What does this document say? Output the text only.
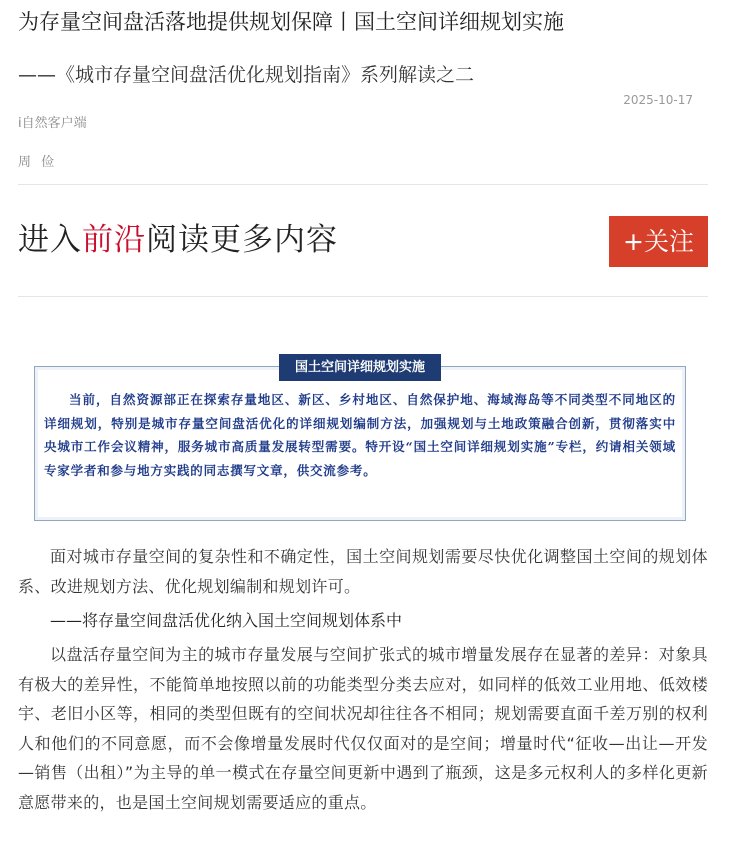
为存量空间盘活落地提供规划保障丨国土空间详细规划实施
——《城市存量空间盘活优化规划指南》系列解读之二
2025-10-17
i自然客户端
周 俭
进入前沿阅读更多内容	+关注
国土空间详细规划实施
当前，自然资源部正在探索存量地区、新区、乡村地区、自然保护地、海域海岛等不同类型不同地区的详细规划，特别是城市存量空间盘活优化的详细规划编制方法，加强规划与土地政策融合创新，贯彻落实中央城市工作会议精神，服务城市高质量发展转型需要。特开设“国土空间详细规划实施”专栏，约请相关领域专家学者和参与地方实践的同志撰写文章，供交流参考。
面对城市存量空间的复杂性和不确定性，国土空间规划需要尽快优化调整国土空间的规划体系、改进规划方法、优化规划编制和规划许可。
——将存量空间盘活优化纳入国土空间规划体系中
以盘活存量空间为主的城市存量发展与空间扩张式的城市增量发展存在显著的差异：对象具有极大的差异性，不能简单地按照以前的功能类型分类去应对，如同样的低效工业用地、低效楼宇、老旧小区等，相同的类型但既有的空间状况却往往各不相同；规划需要直面千差万别的权利人和他们的不同意愿，而不会像增量发展时代仅仅面对的是空间；增量时代“征收—出让—开发—销售（出租）”为主导的单一模式在存量空间更新中遇到了瓶颈，这是多元权利人的多样化更新意愿带来的，也是国土空间规划需要适应的重点。
